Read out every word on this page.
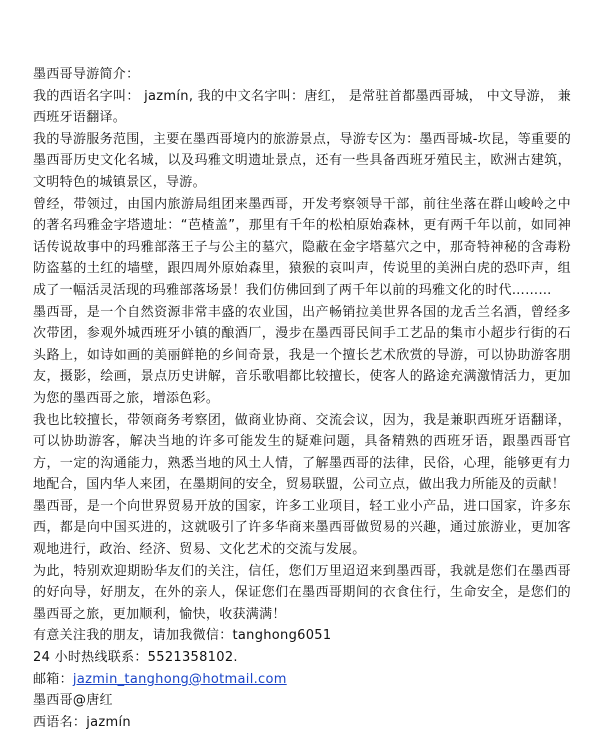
墨西哥导游简介：

我的西语名字叫： jazmín, 我的中文名字叫：唐红， 是常驻首都墨西哥城， 中文导游， 兼西班牙语翻译。

我的导游服务范围，主要在墨西哥境内的旅游景点，导游专区为：墨西哥城-坎昆，等重要的墨西哥历史文化名城，以及玛雅文明遗址景点，还有一些具备西班牙殖民主，欧洲古建筑，文明特色的城镇景区，导游。

曾经，带领过，由国内旅游局组团来墨西哥，开发考察领导干部，前往坐落在群山峻岭之中的著名玛雅金字塔遗址：“芭楂盖”，那里有千年的松柏原始森林，更有两千年以前，如同神话传说故事中的玛雅部落王子与公主的墓穴，隐蔽在金字塔墓穴之中，那奇特神秘的含毒粉防盗墓的土红的墙壁，跟四周外原始森里，猿猴的哀叫声，传说里的美洲白虎的恐吓声，组成了一幅活灵活现的玛雅部落场景！我们仿佛回到了两千年以前的玛雅文化的时代………

墨西哥，是一个自然资源非常丰盛的农业国，出产畅销拉美世界各国的龙舌兰名酒，曾经多次带团，参观外城西班牙小镇的酿酒厂，漫步在墨西哥民间手工艺品的集市小超步行街的石头路上，如诗如画的美丽鲜艳的乡间奇景，我是一个擅长艺术欣赏的导游，可以协助游客朋友，摄影，绘画，景点历史讲解，音乐歌唱都比较擅长，使客人的路途充满激情活力，更加为您的墨西哥之旅，增添色彩。

我也比较擅长，带领商务考察团，做商业协商、交流会议，因为，我是兼职西班牙语翻译，可以协助游客，解决当地的许多可能发生的疑难问题，具备精熟的西班牙语，跟墨西哥官方，一定的沟通能力，熟悉当地的风土人情，了解墨西哥的法律，民俗，心理，能够更有力地配合，国内华人来团，在墨期间的安全，贸易联盟，公司立点，做出我力所能及的贡献！

墨西哥，是一个向世界贸易开放的国家，许多工业项目，轻工业小产品，进口国家，许多东西，都是向中国买进的，这就吸引了许多华商来墨西哥做贸易的兴趣，通过旅游业，更加客观地进行，政治、经济、贸易、文化艺术的交流与发展。

为此，特别欢迎期盼华友们的关注，信任，您们万里迢迢来到墨西哥，我就是您们在墨西哥的好向导，好朋友，在外的亲人，保证您们在墨西哥期间的衣食住行，生命安全，是您们的墨西哥之旅，更加顺利，愉快，收获满满！

有意关注我的朋友，请加我微信：tanghong6051

24 小时热线联系：5521358102.

邮箱：jazmin_tanghong@hotmail.com

墨西哥@唐红

西语名：jazmín
